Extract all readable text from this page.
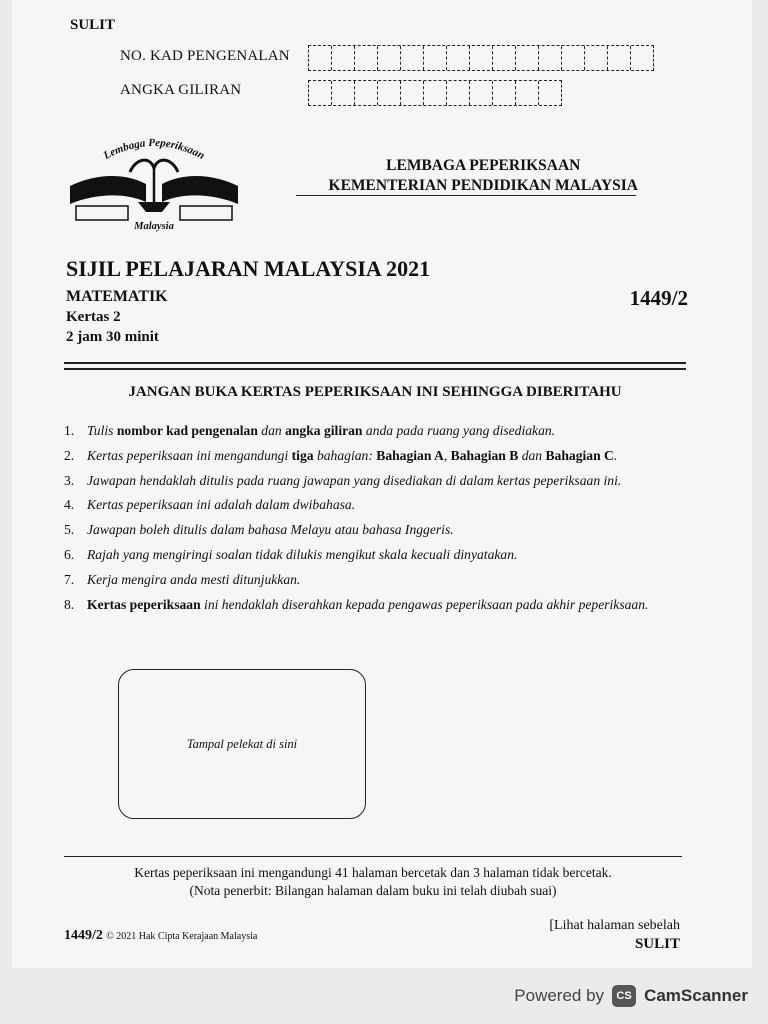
SULIT
NO. KAD PENGENALAN
ANGKA GILIRAN
Lembaga Peperiksaan
Malaysia
LEMBAGA PEPERIKSAAN
KEMENTERIAN PENDIDIKAN MALAYSIA
SIJIL PELAJARAN MALAYSIA 2021
MATEMATIK	1449/2
Kertas 2
2 jam 30 minit
JANGAN BUKA KERTAS PEPERIKSAAN INI SEHINGGA DIBERITAHU
1. Tulis nombor kad pengenalan dan angka giliran anda pada ruang yang disediakan.
2. Kertas peperiksaan ini mengandungi tiga bahagian: Bahagian A, Bahagian B dan Bahagian C.
3. Jawapan hendaklah ditulis pada ruang jawapan yang disediakan di dalam kertas peperiksaan ini.
4. Kertas peperiksaan ini adalah dalam dwibahasa.
5. Jawapan boleh ditulis dalam bahasa Melayu atau bahasa Inggeris.
6. Rajah yang mengiringi soalan tidak dilukis mengikut skala kecuali dinyatakan.
7. Kerja mengira anda mesti ditunjukkan.
8. Kertas peperiksaan ini hendaklah diserahkan kepada pengawas peperiksaan pada akhir peperiksaan.
Tampal pelekat di sini
Kertas peperiksaan ini mengandungi 41 halaman bercetak dan 3 halaman tidak bercetak.
(Nota penerbit: Bilangan halaman dalam buku ini telah diubah suai)
1449/2 © 2021 Hak Cipta Kerajaan Malaysia
[Lihat halaman sebelah
SULIT
Powered by	CS CamScanner
